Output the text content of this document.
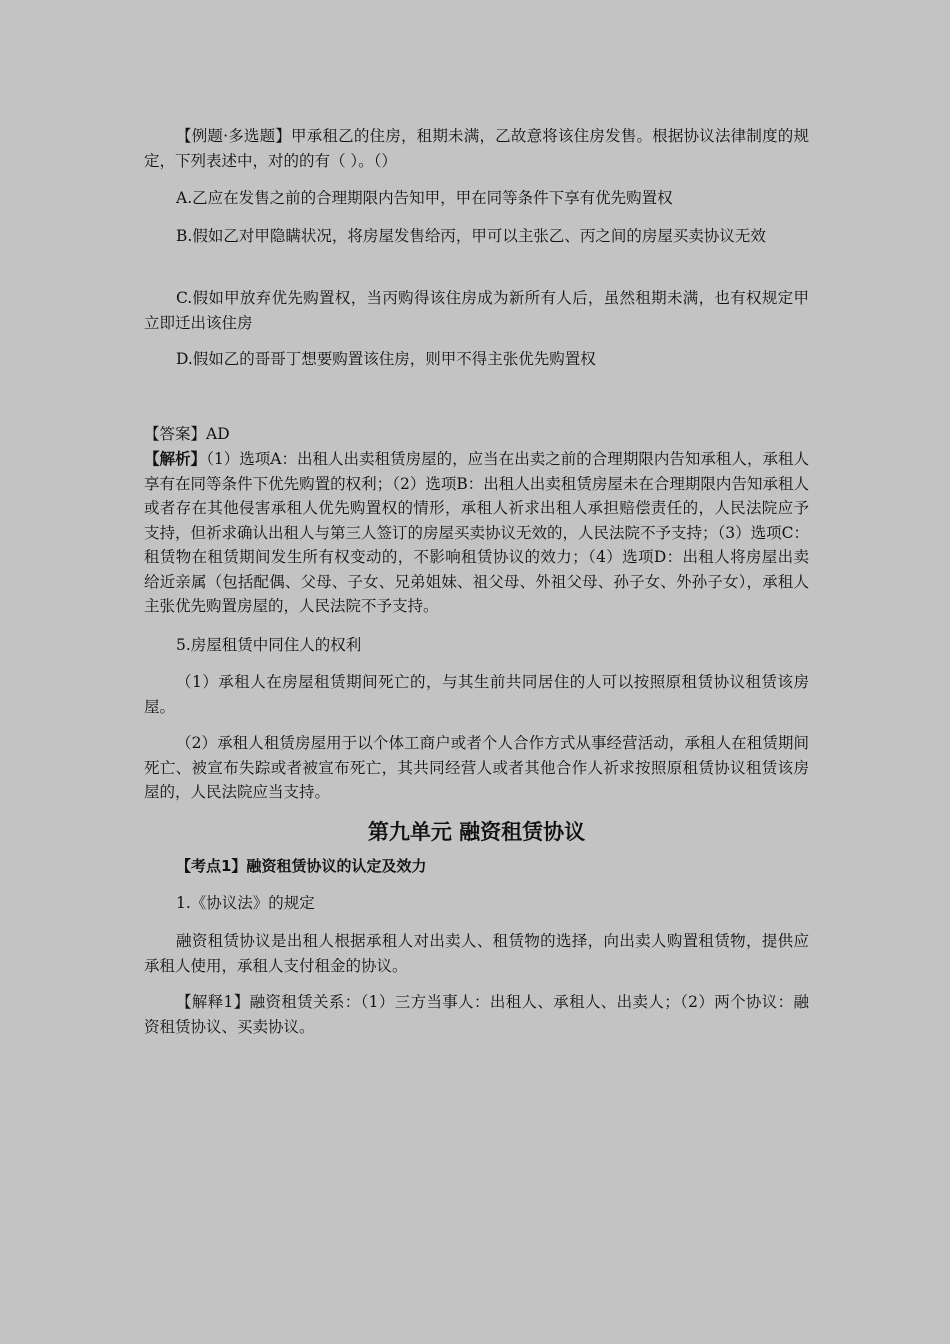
【例题·多选题】甲承租乙的住房，租期未满，乙故意将该住房发售。根据协议法律制度的规定，下列表述中，对的的有（ ）。（）
A.乙应在发售之前的合理期限内告知甲，甲在同等条件下享有优先购置权
B.假如乙对甲隐瞒状况，将房屋发售给丙，甲可以主张乙、丙之间的房屋买卖协议无效
C.假如甲放弃优先购置权，当丙购得该住房成为新所有人后，虽然租期未满，也有权规定甲立即迁出该住房
D.假如乙的哥哥丁想要购置该住房，则甲不得主张优先购置权
【答案】AD
【解析】（1）选项A：出租人出卖租赁房屋的，应当在出卖之前的合理期限内告知承租人，承租人享有在同等条件下优先购置的权利；（2）选项B：出租人出卖租赁房屋未在合理期限内告知承租人或者存在其他侵害承租人优先购置权的情形，承租人祈求出租人承担赔偿责任的，人民法院应予支持，但祈求确认出租人与第三人签订的房屋买卖协议无效的，人民法院不予支持；（3）选项C：租赁物在租赁期间发生所有权变动的，不影响租赁协议的效力；（4）选项D：出租人将房屋出卖给近亲属（包括配偶、父母、子女、兄弟姐妹、祖父母、外祖父母、孙子女、外孙子女），承租人主张优先购置房屋的，人民法院不予支持。
5.房屋租赁中同住人的权利
（1）承租人在房屋租赁期间死亡的，与其生前共同居住的人可以按照原租赁协议租赁该房屋。
（2）承租人租赁房屋用于以个体工商户或者个人合作方式从事经营活动，承租人在租赁期间死亡、被宣布失踪或者被宣布死亡，其共同经营人或者其他合作人祈求按照原租赁协议租赁该房屋的，人民法院应当支持。
第九单元 融资租赁协议
【考点1】融资租赁协议的认定及效力
1.《协议法》的规定
融资租赁协议是出租人根据承租人对出卖人、租赁物的选择，向出卖人购置租赁物，提供应承租人使用，承租人支付租金的协议。
【解释1】融资租赁关系：（1）三方当事人：出租人、承租人、出卖人；（2）两个协议：融资租赁协议、买卖协议。
